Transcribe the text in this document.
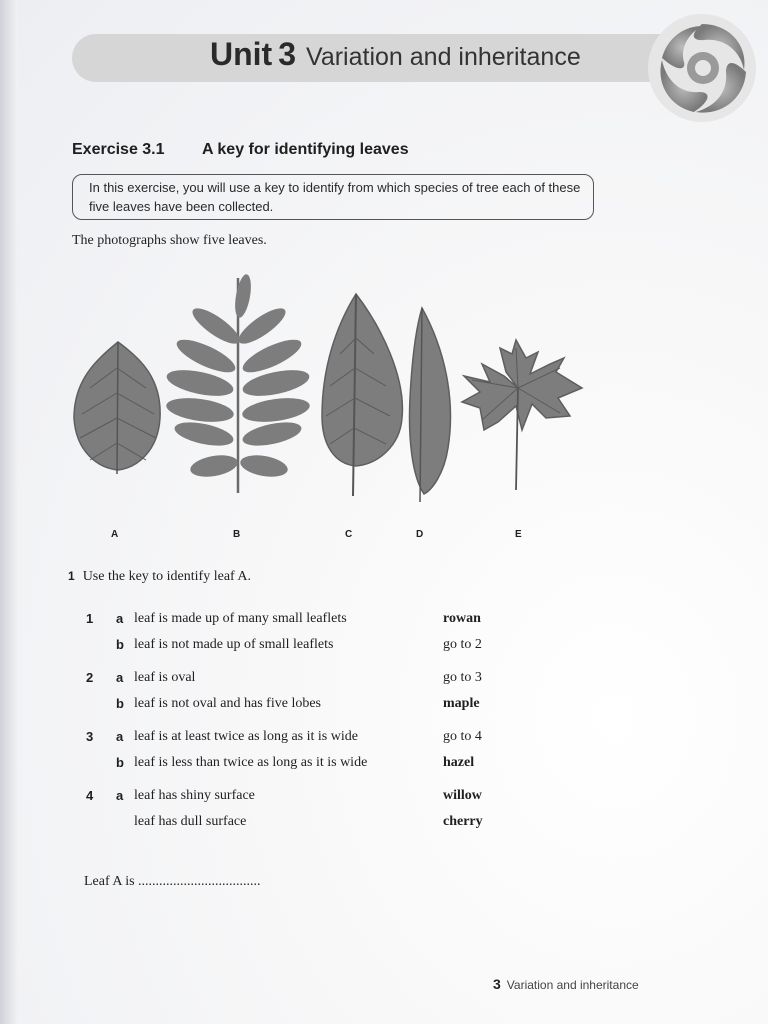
Unit 3 Variation and inheritance
Exercise 3.1 A key for identifying leaves
In this exercise, you will use a key to identify from which species of tree each of these five leaves have been collected.
The photographs show five leaves.
A	B	C	D	E
1 Use the key to identify leaf A.
1 a leaf is made up of many small leaflets	rowan
b leaf is not made up of small leaflets	go to 2
2 a leaf is oval	go to 3
b leaf is not oval and has five lobes	maple
3 a leaf is at least twice as long as it is wide	go to 4
b leaf is less than twice as long as it is wide	hazel
4 a leaf has shiny surface	willow
leaf has dull surface	cherry
Leaf A is ...................................
3 Variation and inheritance
